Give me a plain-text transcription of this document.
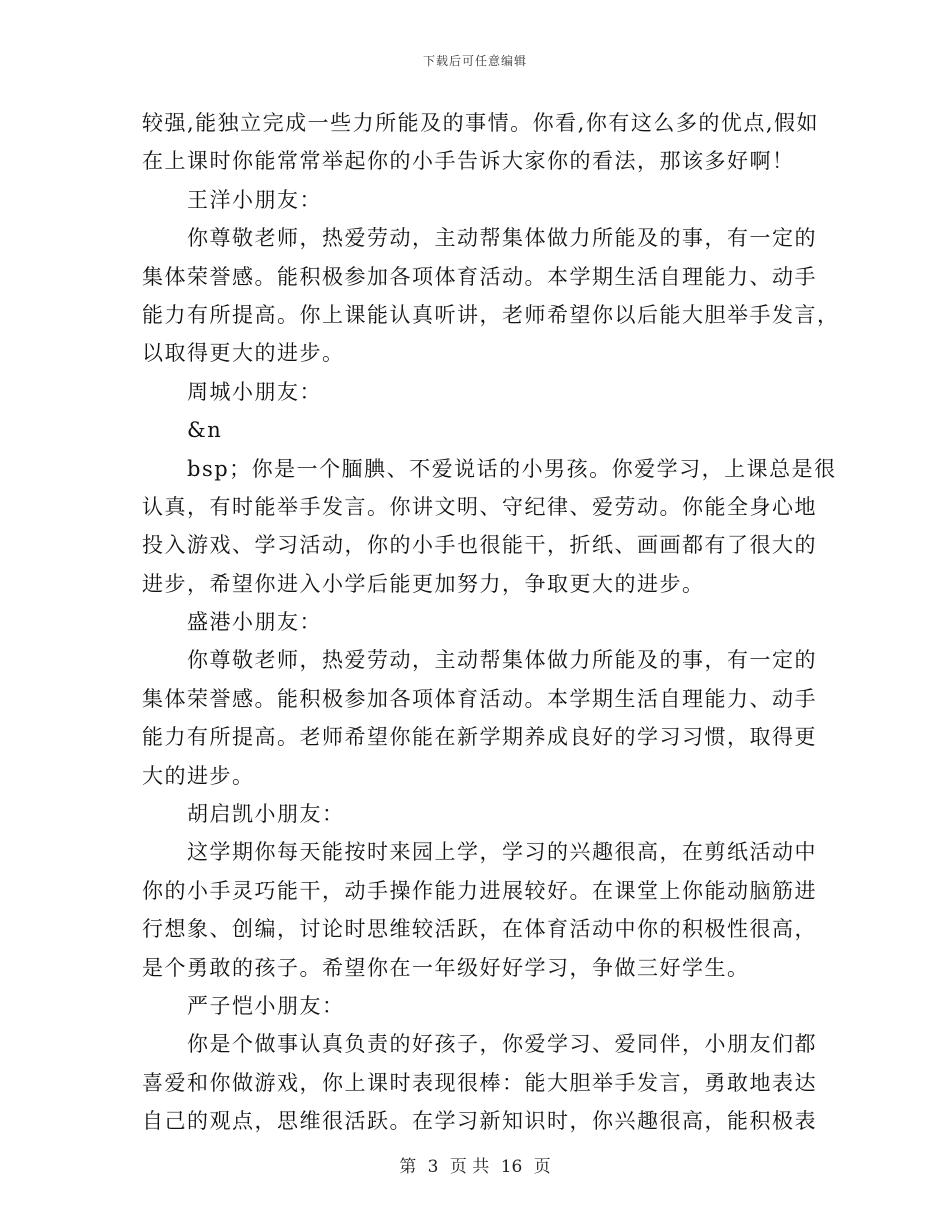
下载后可任意编辑
较强,能独立完成一些力所能及的事情。你看,你有这么多的优点,假如
在上课时你能常常举起你的小手告诉大家你的看法，那该多好啊！
王洋小朋友：
你尊敬老师，热爱劳动，主动帮集体做力所能及的事，有一定的
集体荣誉感。能积极参加各项体育活动。本学期生活自理能力、动手
能力有所提高。你上课能认真听讲，老师希望你以后能大胆举手发言，
以取得更大的进步。
周城小朋友：
&n
bsp；你是一个腼腆、不爱说话的小男孩。你爱学习，上课总是很
认真，有时能举手发言。你讲文明、守纪律、爱劳动。你能全身心地
投入游戏、学习活动，你的小手也很能干，折纸、画画都有了很大的
进步，希望你进入小学后能更加努力，争取更大的进步。
盛港小朋友：
你尊敬老师，热爱劳动，主动帮集体做力所能及的事，有一定的
集体荣誉感。能积极参加各项体育活动。本学期生活自理能力、动手
能力有所提高。老师希望你能在新学期养成良好的学习习惯，取得更
大的进步。
胡启凯小朋友：
这学期你每天能按时来园上学，学习的兴趣很高，在剪纸活动中
你的小手灵巧能干，动手操作能力进展较好。在课堂上你能动脑筋进
行想象、创编，讨论时思维较活跃，在体育活动中你的积极性很高，
是个勇敢的孩子。希望你在一年级好好学习，争做三好学生。
严子恺小朋友：
你是个做事认真负责的好孩子，你爱学习、爱同伴，小朋友们都
喜爱和你做游戏，你上课时表现很棒：能大胆举手发言，勇敢地表达
自己的观点，思维很活跃。在学习新知识时，你兴趣很高，能积极表
第 3 页 共 16 页
